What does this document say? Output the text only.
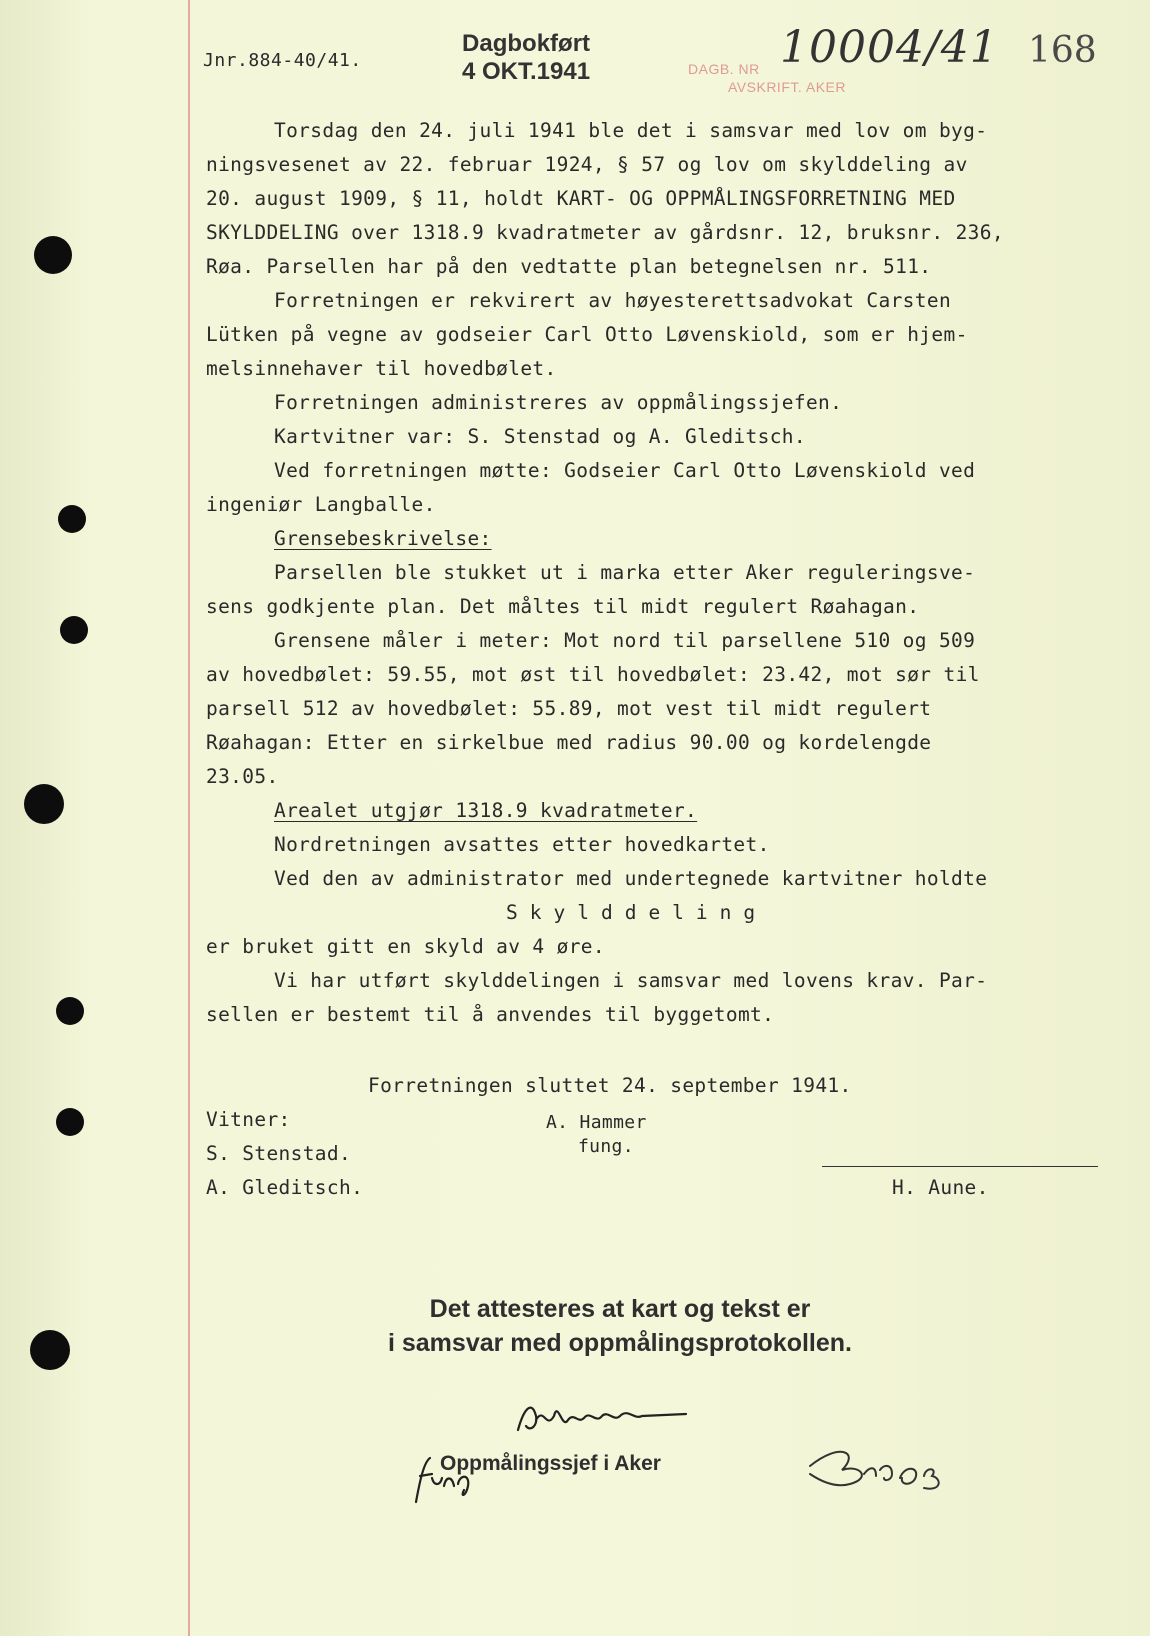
Jnr.884-40/41.
Dagbokført
4 OKT.1941	DAGB. NR
AVSKRIFT. AKER
10004/41 168
Torsdag den 24. juli 1941 ble det i samsvar med lov om byg-
ningsvesenet av 22. februar 1924, § 57 og lov om skylddeling av
20. august 1909, § 11, holdt KART- OG OPPMÅLINGSFORRETNING MED
SKYLDDELING over 1318.9 kvadratmeter av gårdsnr. 12, bruksnr. 236,
Røa. Parsellen har på den vedtatte plan betegnelsen nr. 511.
Forretningen er rekvirert av høyesterettsadvokat Carsten
Lütken på vegne av godseier Carl Otto Løvenskiold, som er hjem-
melsinnehaver til hovedbølet.
Forretningen administreres av oppmålingssjefen.
Kartvitner var: S. Stenstad og A. Gleditsch.
Ved forretningen møtte: Godseier Carl Otto Løvenskiold ved
ingeniør Langballe.
Grensebeskrivelse:
Parsellen ble stukket ut i marka etter Aker reguleringsve-
sens godkjente plan. Det måltes til midt regulert Røahagan.
Grensene måler i meter: Mot nord til parsellene 510 og 509
av hovedbølet: 59.55, mot øst til hovedbølet: 23.42, mot sør til
parsell 512 av hovedbølet: 55.89, mot vest til midt regulert
Røahagan: Etter en sirkelbue med radius 90.00 og kordelengde
23.05.
Arealet utgjør 1318.9 kvadratmeter.
Nordretningen avsattes etter hovedkartet.
Ved den av administrator med undertegnede kartvitner holdte
Skylddeling
er bruket gitt en skyld av 4 øre.
Vi har utført skylddelingen i samsvar med lovens krav. Par-
sellen er bestemt til å anvendes til byggetomt.
Forretningen sluttet 24. september 1941.
Vitner:
S. Stenstad.
A. Gleditsch.
A. Hammer
fung.
H. Aune.
Det attesteres at kart og tekst er
i samsvar med oppmålingsprotokollen.
Oppmålingssjef i Aker
